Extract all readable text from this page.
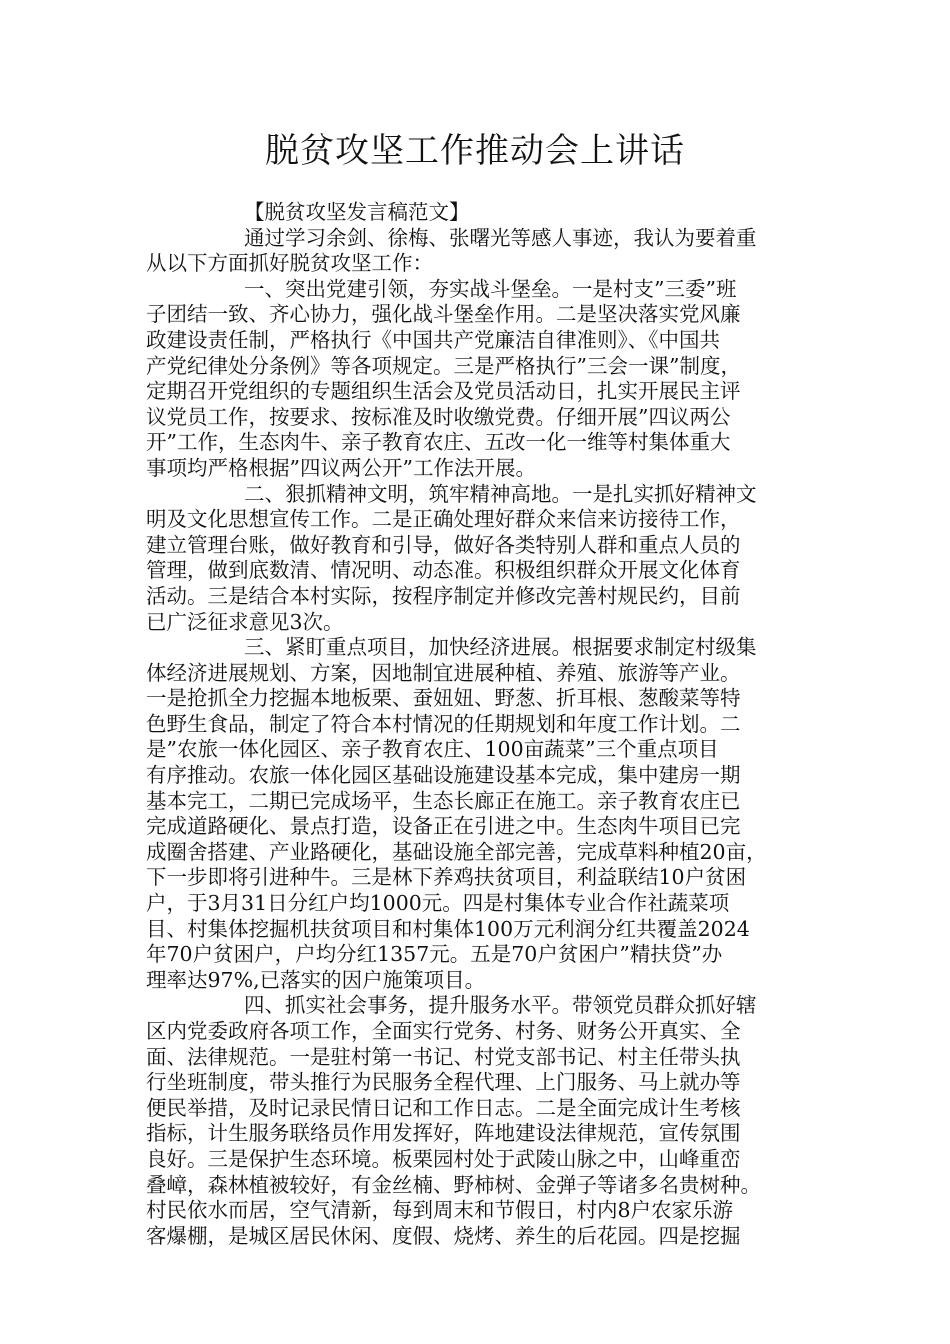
脱贫攻坚工作推动会上讲话
【脱贫攻坚发言稿范文】
通过学习余剑、徐梅、张曙光等感人事迹，我认为要着重
从以下方面抓好脱贫攻坚工作：
一、突出党建引领，夯实战斗堡垒。一是村支”三委”班
子团结一致、齐心协力，强化战斗堡垒作用。二是坚决落实党风廉
政建设责任制，严格执行《中国共产党廉洁自律准则》、《中国共
产党纪律处分条例》等各项规定。三是严格执行”三会一课”制度，
定期召开党组织的专题组织生活会及党员活动日，扎实开展民主评
议党员工作，按要求、按标准及时收缴党费。仔细开展”四议两公
开”工作，生态肉牛、亲子教育农庄、五改一化一维等村集体重大
事项均严格根据”四议两公开”工作法开展。
二、狠抓精神文明，筑牢精神高地。一是扎实抓好精神文
明及文化思想宣传工作。二是正确处理好群众来信来访接待工作，
建立管理台账，做好教育和引导，做好各类特别人群和重点人员的
管理，做到底数清、情况明、动态准。积极组织群众开展文化体育
活动。三是结合本村实际，按程序制定并修改完善村规民约，目前
已广泛征求意见3次。
三、紧盯重点项目，加快经济进展。根据要求制定村级集
体经济进展规划、方案，因地制宜进展种植、养殖、旅游等产业。
一是抢抓全力挖掘本地板栗、蚕妞妞、野葱、折耳根、葱酸菜等特
色野生食品，制定了符合本村情况的任期规划和年度工作计划。二
是”农旅一体化园区、亲子教育农庄、100亩蔬菜”三个重点项目
有序推动。农旅一体化园区基础设施建设基本完成，集中建房一期
基本完工，二期已完成场平，生态长廊正在施工。亲子教育农庄已
完成道路硬化、景点打造，设备正在引进之中。生态肉牛项目已完
成圈舍搭建、产业路硬化，基础设施全部完善，完成草料种植20亩，
下一步即将引进种牛。三是林下养鸡扶贫项目，利益联结10户贫困
户，于3月31日分红户均1000元。四是村集体专业合作社蔬菜项
目、村集体挖掘机扶贫项目和村集体100万元利润分红共覆盖2024
年70户贫困户，户均分红1357元。五是70户贫困户”精扶贷”办
理率达97%,已落实的因户施策项目。
四、抓实社会事务，提升服务水平。带领党员群众抓好辖
区内党委政府各项工作，全面实行党务、村务、财务公开真实、全
面、法律规范。一是驻村第一书记、村党支部书记、村主任带头执
行坐班制度，带头推行为民服务全程代理、上门服务、马上就办等
便民举措，及时记录民情日记和工作日志。二是全面完成计生考核
指标，计生服务联络员作用发挥好，阵地建设法律规范，宣传氛围
良好。三是保护生态环境。板栗园村处于武陵山脉之中，山峰重峦
叠嶂，森林植被较好，有金丝楠、野柿树、金弹子等诸多名贵树种。
村民依水而居，空气清新，每到周末和节假日，村内8户农家乐游
客爆棚，是城区居民休闲、度假、烧烤、养生的后花园。四是挖掘
